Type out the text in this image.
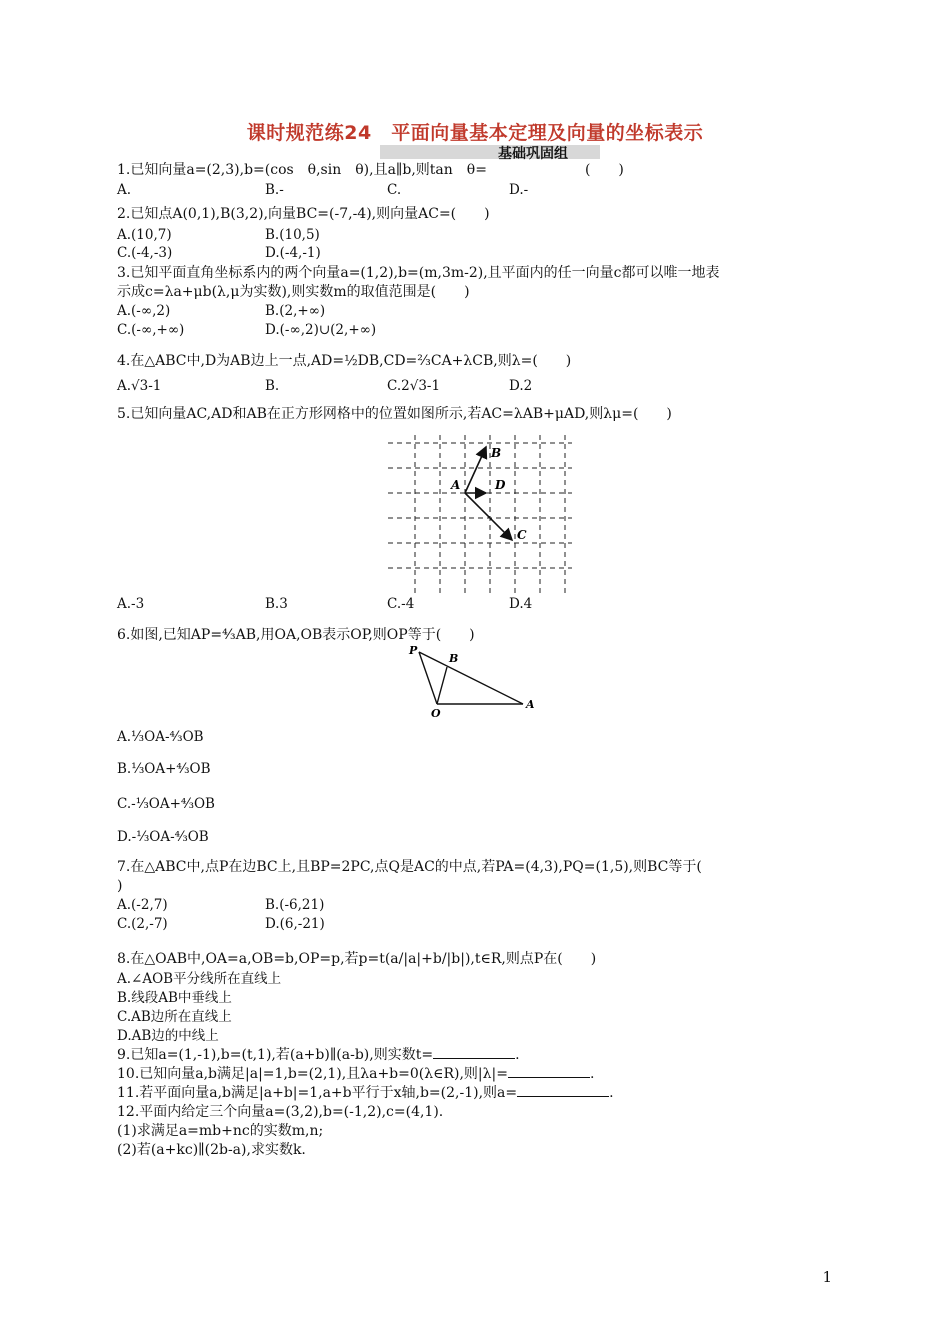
课时规范练24　平面向量基本定理及向量的坐标表示
基础巩固组
1.已知向量a=(2,3),b=(cos　θ,sin　θ),且a∥b,则tan　θ=　　　　　　　(　　)
A.	B.-	C.	D.-
2.已知点A(0,1),B(3,2),向量BC=(-7,-4),则向量AC=(　　)
A.(10,7)	B.(10,5)
C.(-4,-3)	D.(-4,-1)
3.已知平面直角坐标系内的两个向量a=(1,2),b=(m,3m-2),且平面内的任一向量c都可以唯一地表
示成c=λa+μb(λ,μ为实数),则实数m的取值范围是(　　)
A.(-∞,2)	B.(2,+∞)
C.(-∞,+∞)	D.(-∞,2)∪(2,+∞)
4.在△ABC中,D为AB边上一点,AD=½DB,CD=⅔CA+λCB,则λ=(　　)
A.√3-1	B.	C.2√3-1	D.2
5.已知向量AC,AD和AB在正方形网格中的位置如图所示,若AC=λAB+μAD,则λμ=(　　)
A
B
C
D
A.-3	B.3	C.-4	D.4
6.如图,已知AP=⁴⁄₃AB,用OA,OB表示OP,则OP等于(　　)
P
B
O
A
A.⅓OA-⁴⁄₃OB
B.⅓OA+⁴⁄₃OB
C.-⅓OA+⁴⁄₃OB
D.-⅓OA-⁴⁄₃OB
7.在△ABC中,点P在边BC上,且BP=2PC,点Q是AC的中点,若PA=(4,3),PQ=(1,5),则BC等于(
)
A.(-2,7)	B.(-6,21)
C.(2,-7)	D.(6,-21)
8.在△OAB中,OA=a,OB=b,OP=p,若p=t(a/|a|+b/|b|),t∈R,则点P在(　　)
A.∠AOB平分线所在直线上
B.线段AB中垂线上
C.AB边所在直线上
D.AB边的中线上
9.已知a=(1,-1),b=(t,1),若(a+b)∥(a-b),则实数t=	.
10.已知向量a,b满足|a|=1,b=(2,1),且λa+b=0(λ∈R),则|λ|=	.
11.若平面向量a,b满足|a+b|=1,a+b平行于x轴,b=(2,-1),则a=	.
12.平面内给定三个向量a=(3,2),b=(-1,2),c=(4,1).
(1)求满足a=mb+nc的实数m,n;
(2)若(a+kc)∥(2b-a),求实数k.
1
